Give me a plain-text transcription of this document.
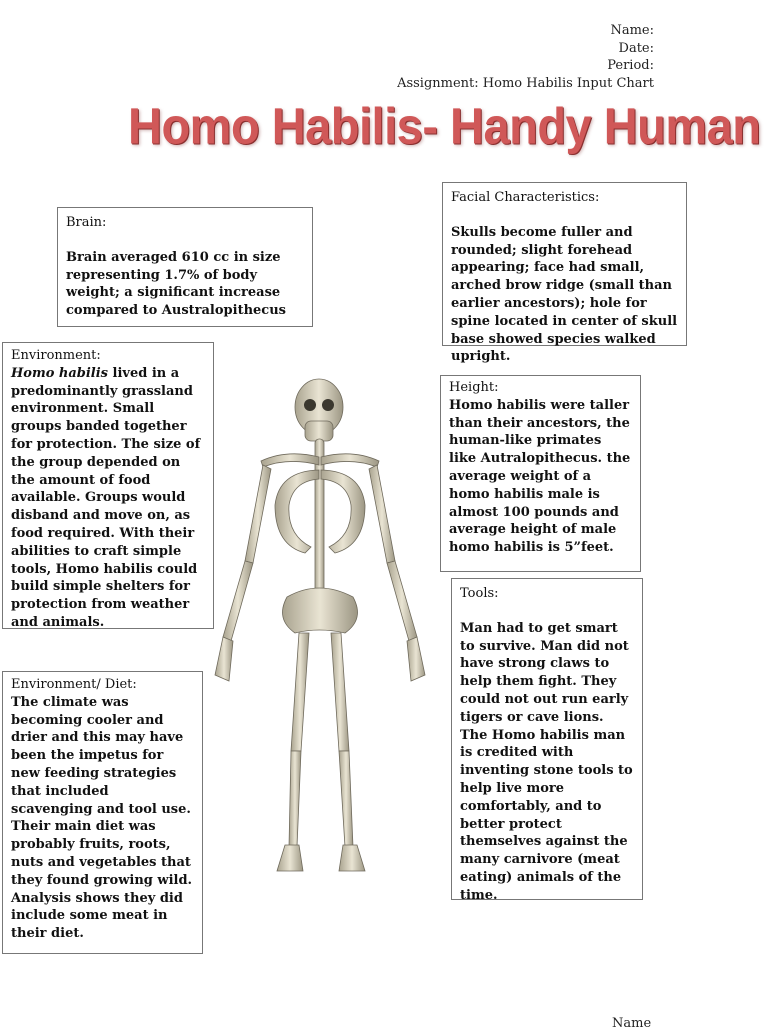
Name:
Date:
Period:
Assignment: Homo Habilis Input Chart
Homo Habilis- Handy Human
Brain:
Brain averaged 610 cc in size representing 1.7% of body weight; a significant increase compared to Australopithecus
Facial Characteristics:
Skulls become fuller and rounded; slight forehead appearing; face had small, arched brow ridge (small than earlier ancestors); hole for spine located in center of skull base showed species walked upright.
Environment:
Homo habilis lived in a predominantly grassland environment. Small groups banded together for protection. The size of the group depended on the amount of food available. Groups would disband and move on, as food required. With their abilities to craft simple tools, Homo habilis could build simple shelters for protection from weather and animals.
Height:
Homo habilis were taller than their ancestors, the human-like primates like Autralopithecus. the average weight of a homo habilis male is almost 100 pounds and average height of male homo habilis is 5”feet.
Tools:
Man had to get smart to survive. Man did not have strong claws to help them fight. They could not out run early tigers or cave lions. The Homo habilis man is credited with inventing stone tools to help live more comfortably, and to better protect themselves against the many carnivore (meat eating) animals of the time.
Environment/ Diet:
The climate was becoming cooler and drier and this may have been the impetus for new feeding strategies that included scavenging and tool use. Their main diet was probably fruits, roots, nuts and vegetables that they found growing wild.
Analysis shows they did include some meat in their diet.
Name
